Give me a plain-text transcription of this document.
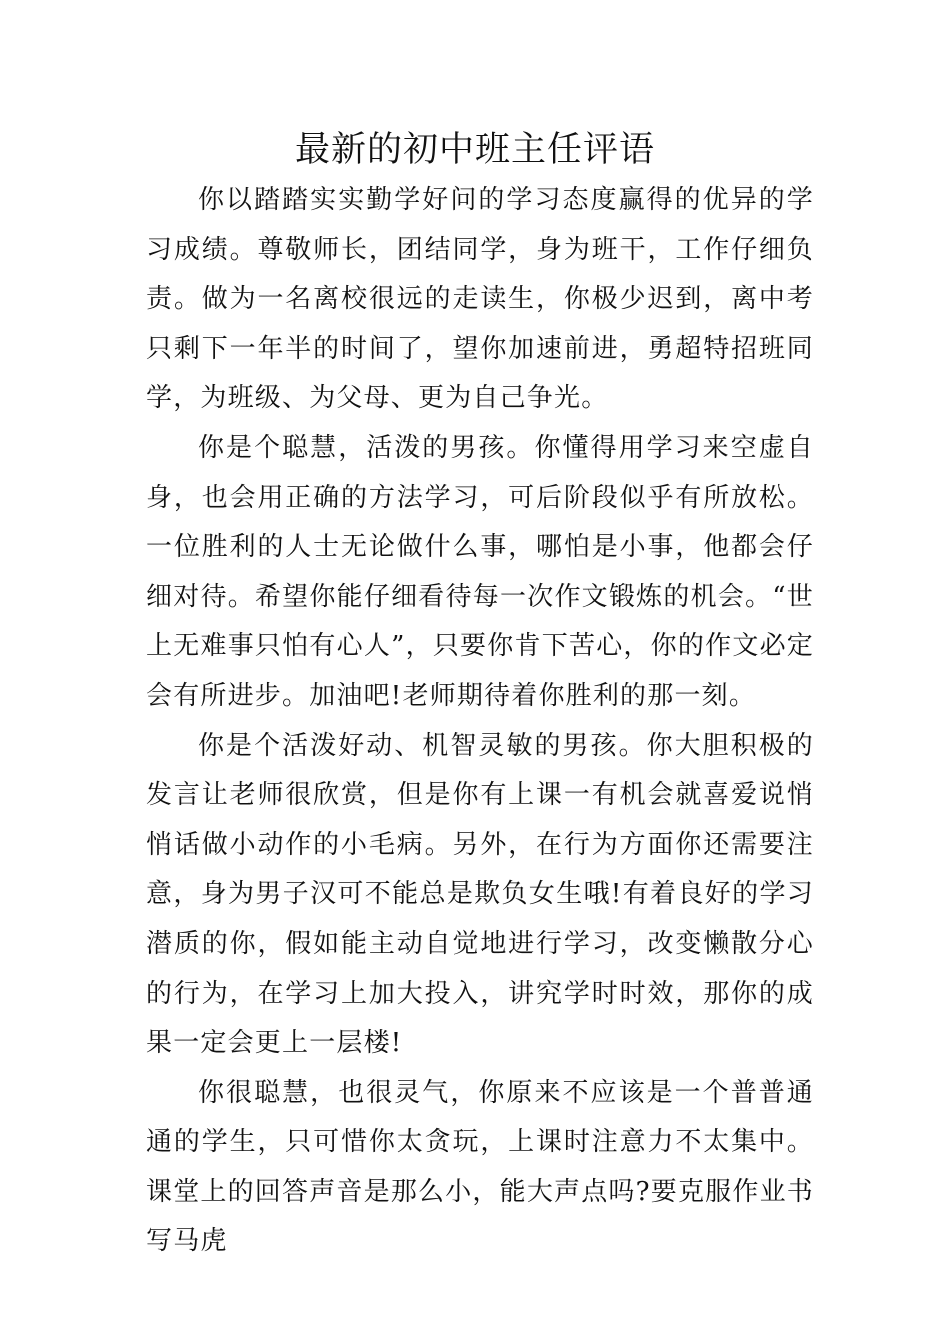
最新的初中班主任评语

你以踏踏实实勤学好问的学习态度赢得的优异的学习成绩。尊敬师长，团结同学，身为班干，工作仔细负责。做为一名离校很远的走读生，你极少迟到，离中考只剩下一年半的时间了，望你加速前进，勇超特招班同学，为班级、为父母、更为自己争光。

你是个聪慧，活泼的男孩。你懂得用学习来空虚自身，也会用正确的方法学习，可后阶段似乎有所放松。一位胜利的人士无论做什么事，哪怕是小事，他都会仔细对待。希望你能仔细看待每一次作文锻炼的机会。“世上无难事只怕有心人”，只要你肯下苦心，你的作文必定会有所进步。加油吧!老师期待着你胜利的那一刻。

你是个活泼好动、机智灵敏的男孩。你大胆积极的发言让老师很欣赏，但是你有上课一有机会就喜爱说悄悄话做小动作的小毛病。另外，在行为方面你还需要注意，身为男子汉可不能总是欺负女生哦!有着良好的学习潜质的你，假如能主动自觉地进行学习，改变懒散分心的行为，在学习上加大投入，讲究学时时效，那你的成果一定会更上一层楼!

你很聪慧，也很灵气，你原来不应该是一个普普通通的学生，只可惜你太贪玩，上课时注意力不太集中。课堂上的回答声音是那么小，能大声点吗?要克服作业书写马虎
